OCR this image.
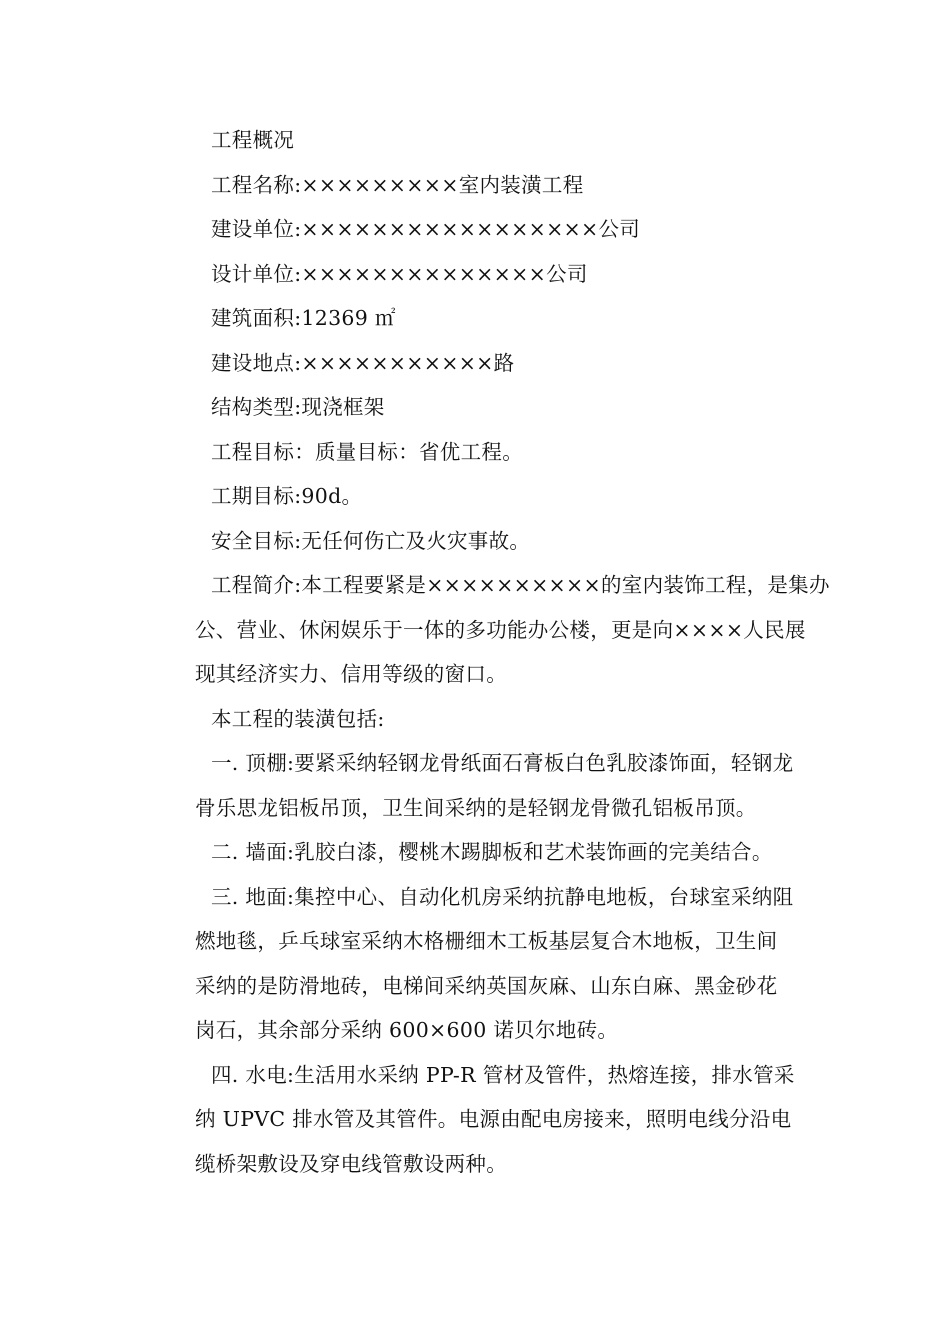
工程概况
工程名称:×××××××××室内装潢工程
建设单位:×××××××××××××××××公司
设计单位:××××××××××××××公司
建筑面积:12369 ㎡
建设地点:×××××××××××路
结构类型:现浇框架
工程目标：质量目标：省优工程。
工期目标:90d。
安全目标:无任何伤亡及火灾事故。
工程简介:本工程要紧是××××××××××的室内装饰工程，是集办
公、营业、休闲娱乐于一体的多功能办公楼，更是向××××人民展
现其经济实力、信用等级的窗口。
本工程的装潢包括:
一. 顶棚:要紧采纳轻钢龙骨纸面石膏板白色乳胶漆饰面，轻钢龙
骨乐思龙铝板吊顶，卫生间采纳的是轻钢龙骨微孔铝板吊顶。
二. 墙面:乳胶白漆，樱桃木踢脚板和艺术装饰画的完美结合。
三. 地面:集控中心、自动化机房采纳抗静电地板，台球室采纳阻
燃地毯，乒乓球室采纳木格栅细木工板基层复合木地板，卫生间
采纳的是防滑地砖，电梯间采纳英国灰麻、山东白麻、黑金砂花
岗石，其余部分采纳 600×600 诺贝尔地砖。
四. 水电:生活用水采纳 PP-R 管材及管件，热熔连接，排水管采
纳 UPVC 排水管及其管件。电源由配电房接来，照明电线分沿电
缆桥架敷设及穿电线管敷设两种。
